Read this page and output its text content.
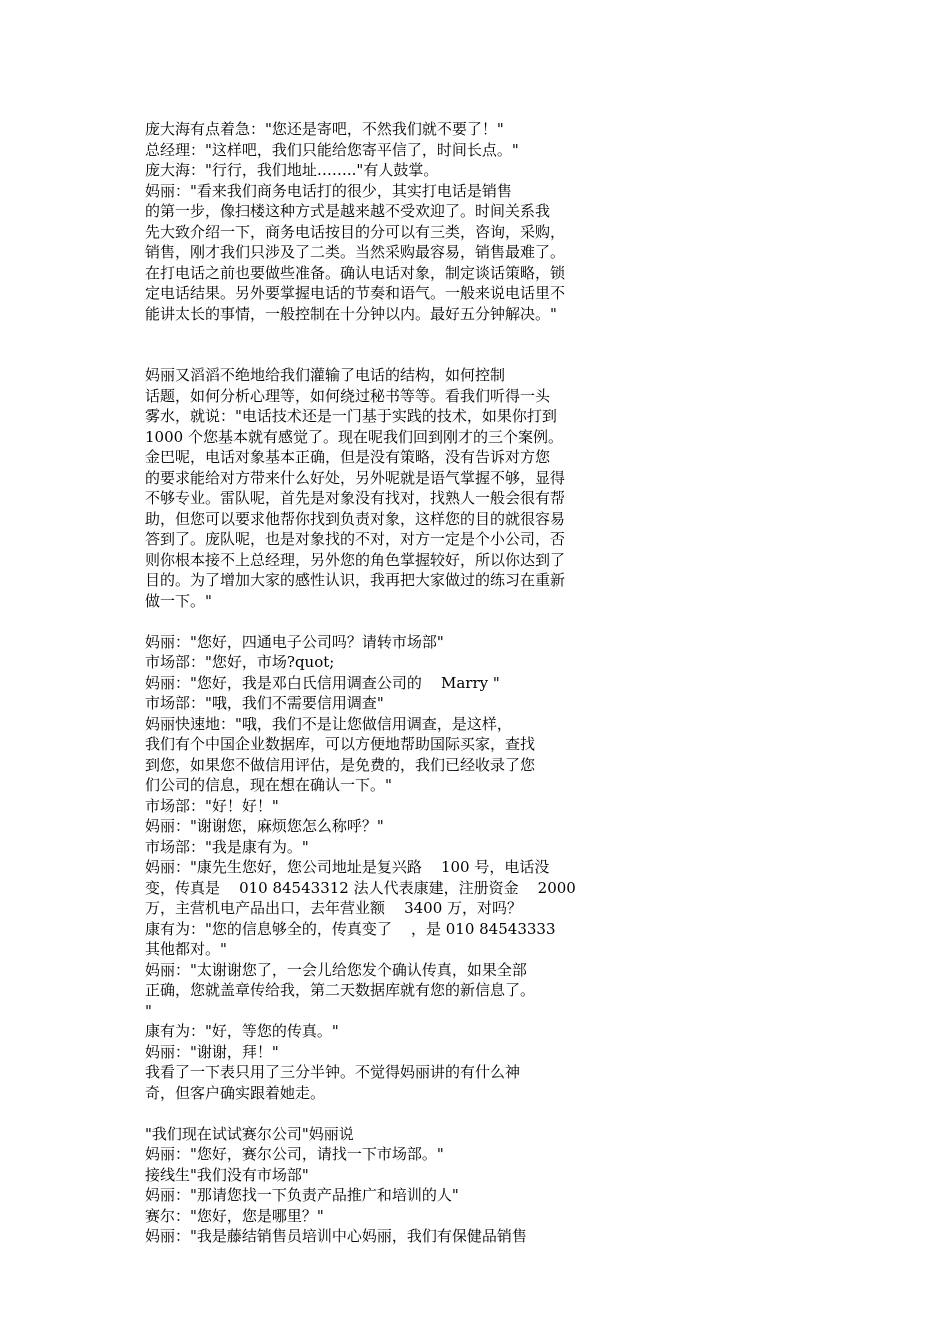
庞大海有点着急："您还是寄吧，不然我们就不要了！"

总经理："这样吧，我们只能给您寄平信了，时间长点。"

庞大海："行行，我们地址…….."有人鼓掌。

妈丽："看来我们商务电话打的很少，其实打电话是销售

的第一步，像扫楼这种方式是越来越不受欢迎了。时间关系我

先大致介绍一下，商务电话按目的分可以有三类，咨询，采购，

销售，刚才我们只涉及了二类。当然采购最容易，销售最难了。

在打电话之前也要做些准备。确认电话对象，制定谈话策略，锁

定电话结果。另外要掌握电话的节奏和语气。一般来说电话里不

能讲太长的事情，一般控制在十分钟以内。最好五分钟解决。"

妈丽又滔滔不绝地给我们灌输了电话的结构，如何控制

话题，如何分析心理等，如何绕过秘书等等。看我们听得一头

雾水，就说："电话技术还是一门基于实践的技术，如果你打到

1000 个您基本就有感觉了。现在呢我们回到刚才的三个案例。

金巴呢，电话对象基本正确，但是没有策略，没有告诉对方您

的要求能给对方带来什么好处，另外呢就是语气掌握不够，显得

不够专业。雷队呢，首先是对象没有找对，找熟人一般会很有帮

助，但您可以要求他帮你找到负责对象，这样您的目的就很容易

答到了。庞队呢，也是对象找的不对，对方一定是个小公司，否

则你根本接不上总经理，另外您的角色掌握较好，所以你达到了

目的。为了增加大家的感性认识，我再把大家做过的练习在重新

做一下。"

妈丽："您好，四通电子公司吗？请转市场部"

市场部："您好，市场?quot;

妈丽："您好，我是邓白氏信用调查公司的    Marry "

市场部："哦，我们不需要信用调查"

妈丽快速地："哦，我们不是让您做信用调查，是这样，

我们有个中国企业数据库，可以方便地帮助国际买家，查找

到您，如果您不做信用评估，是免费的，我们已经收录了您

们公司的信息，现在想在确认一下。"

市场部："好！好！"

妈丽："谢谢您，麻烦您怎么称呼？"

市场部："我是康有为。"

妈丽："康先生您好，您公司地址是复兴路    100 号，电话没

变，传真是    010 84543312 法人代表康建，注册资金    2000

万，主营机电产品出口，去年营业额    3400 万，对吗？

康有为："您的信息够全的，传真变了    ，是 010 84543333

其他都对。"

妈丽："太谢谢您了，一会儿给您发个确认传真，如果全部

正确，您就盖章传给我，第二天数据库就有您的新信息了。

"

康有为："好，等您的传真。"

妈丽："谢谢，拜！"

我看了一下表只用了三分半钟。不觉得妈丽讲的有什么神

奇，但客户确实跟着她走。

"我们现在试试赛尔公司"妈丽说

妈丽："您好，赛尔公司，请找一下市场部。"

接线生"我们没有市场部"

妈丽："那请您找一下负责产品推广和培训的人"

赛尔："您好，您是哪里？"

妈丽："我是藤结销售员培训中心妈丽，我们有保健品销售
